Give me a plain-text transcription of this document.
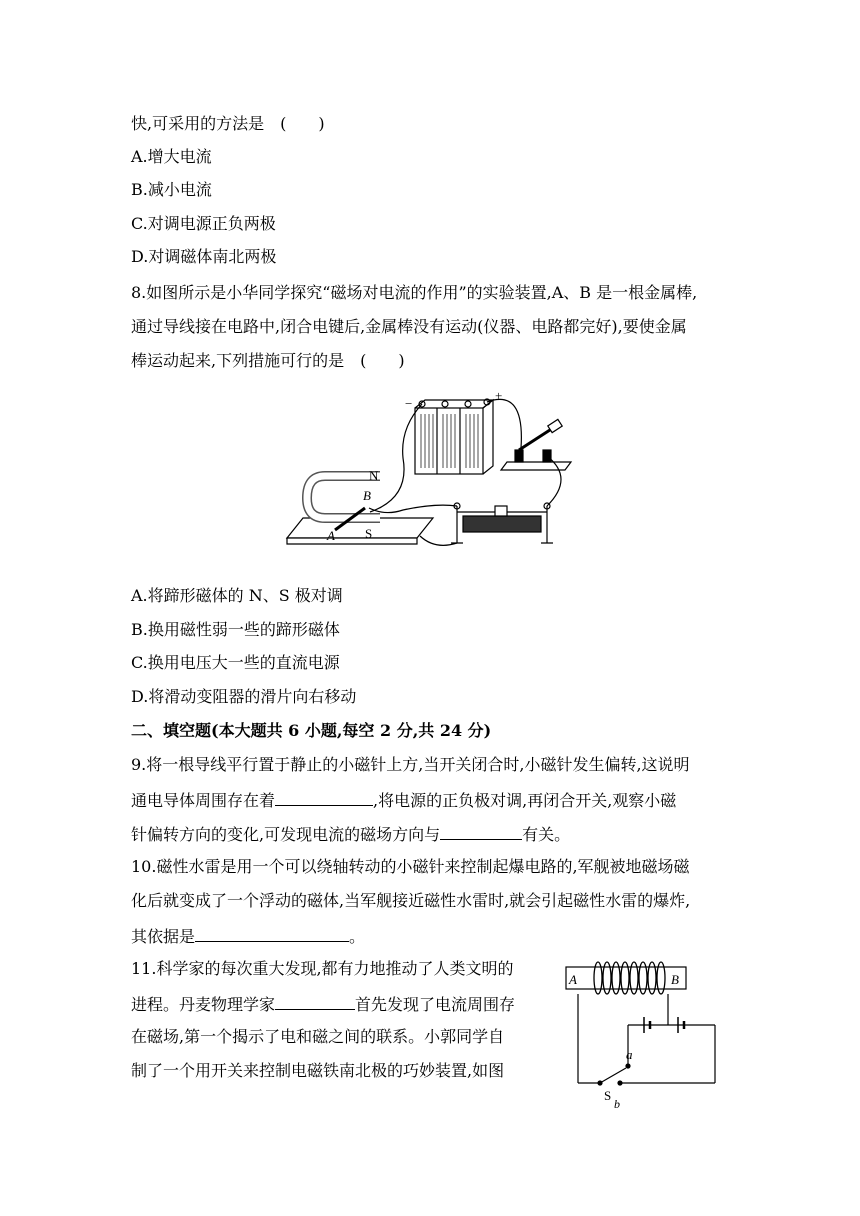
快,可采用的方法是　(　　)
A.增大电流
B.减小电流
C.对调电源正负两极
D.对调磁体南北两极
8.如图所示是小华同学探究“磁场对电流的作用”的实验装置,A、B 是一根金属棒,
通过导线接在电路中,闭合电键后,金属棒没有运动(仪器、电路都完好),要使金属
棒运动起来,下列措施可行的是　(　　)
N
S
A
B
−
+
A.将蹄形磁体的 N、S 极对调
B.换用磁性弱一些的蹄形磁体
C.换用电压大一些的直流电源
D.将滑动变阻器的滑片向右移动
二、填空题(本大题共 6 小题,每空 2 分,共 24 分)
9.将一根导线平行置于静止的小磁针上方,当开关闭合时,小磁针发生偏转,这说明
通电导体周围存在着	,将电源的正负极对调,再闭合开关,观察小磁
针偏转方向的变化,可发现电流的磁场方向与	有关。
10.磁性水雷是用一个可以绕轴转动的小磁针来控制起爆电路的,军舰被地磁场磁
化后就变成了一个浮动的磁体,当军舰接近磁性水雷时,就会引起磁性水雷的爆炸,
其依据是	。
11.科学家的每次重大发现,都有力地推动了人类文明的
进程。丹麦物理学家	首先发现了电流周围存
在磁场,第一个揭示了电和磁之间的联系。小郭同学自
制了一个用开关来控制电磁铁南北极的巧妙装置,如图
A	B
a
S
b
